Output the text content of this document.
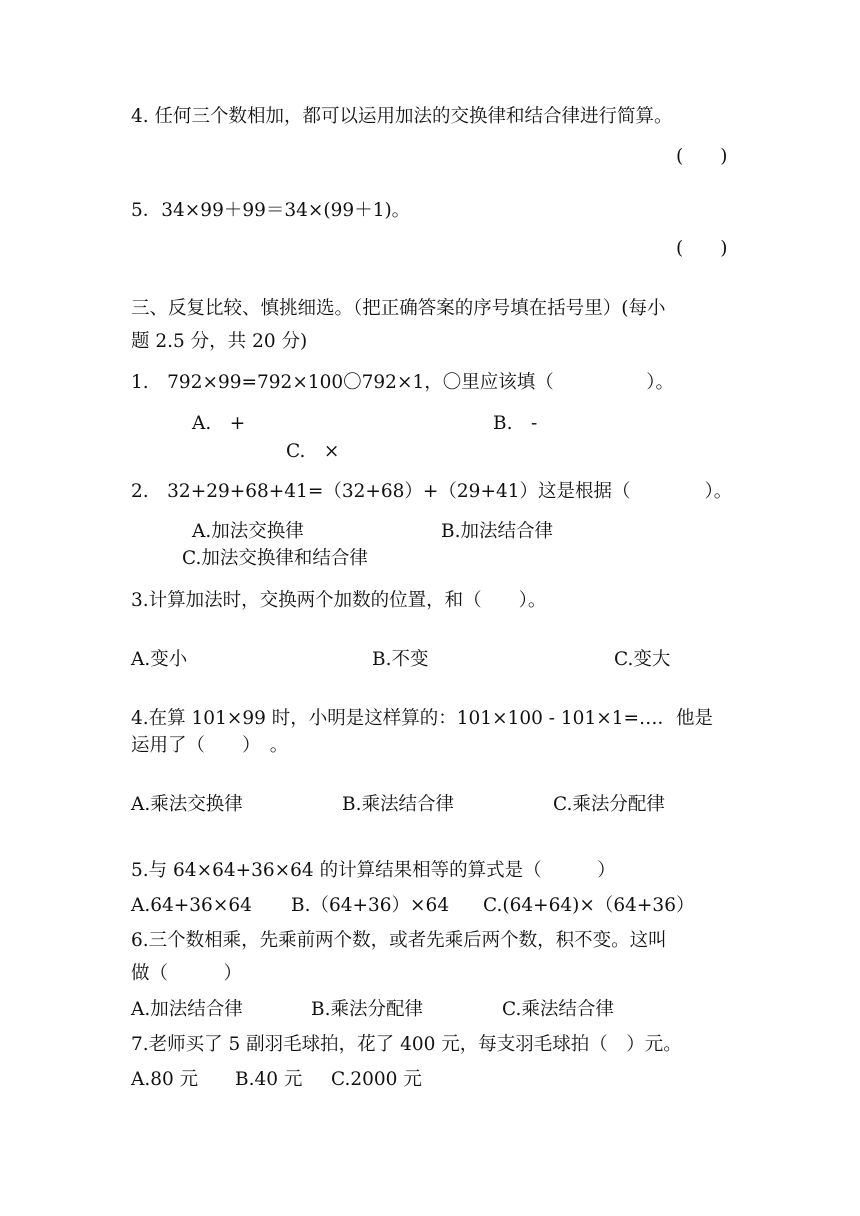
4. 任何三个数相加，都可以运用加法的交换律和结合律进行简算。
(　　)
5．34×99＋99＝34×(99＋1)。
(　　)
三、反复比较、慎挑细选。（把正确答案的序号填在括号里）(每小
题 2.5 分，共 20 分)
1.　792×99=792×100〇792×1，〇里应该填（　　　　　）。
A.　+	B.　-
C.　×
2.　32+29+68+41=（32+68）+（29+41）这是根据（　　　　）。
A.加法交换律	B.加法结合律
C.加法交换律和结合律
3.计算加法时，交换两个加数的位置，和（　　）。
A.变小	B.不变	C.变大
4.在算 101×99 时，小明是这样算的：101×100 - 101×1=…．他是
运用了（　　）　。
A.乘法交换律	B.乘法结合律	C.乘法分配律
5.与 64×64+36×64 的计算结果相等的算式是（　　　）
A.64+36×64 B.（64+36）×64 C.(64+64)×（64+36）
6.三个数相乘，先乘前两个数，或者先乘后两个数，积不变。这叫
做（　　　）
A.加法结合律	B.乘法分配律	C.乘法结合律
7.老师买了 5 副羽毛球拍，花了 400 元，每支羽毛球拍（　）元。
A.80 元 B.40 元 C.2000 元
